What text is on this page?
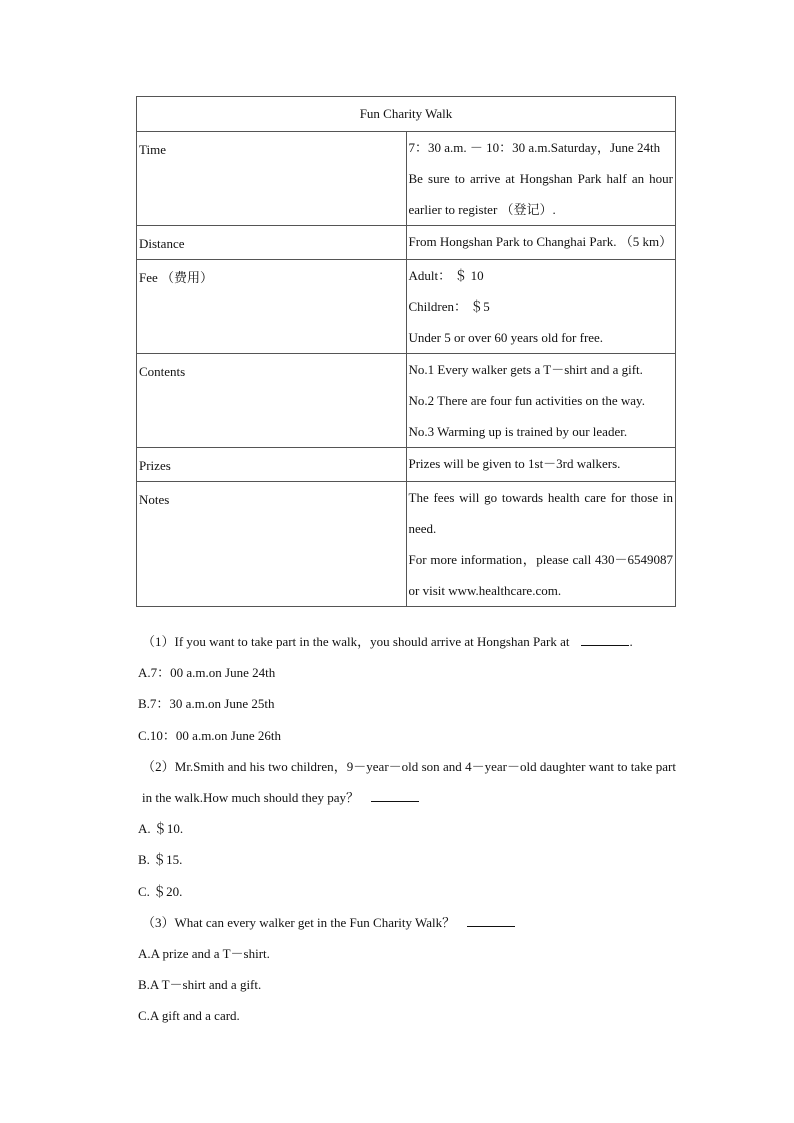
Fun Charity Walk	
Time	7：30 a.m. － 10：30 a.m.Saturday，June 24th
Be sure to arrive at Hongshan Park half an hour earlier to register （登记）.

Distance	From Hongshan Park to Changhai Park. （5 km）

Fee （费用）	Adult： ＄ 10
Children： ＄5
Under 5 or over 60 years old for free.

Contents	No.1 Every walker gets a T－shirt and a gift.
No.2 There are four fun activities on the way.
No.3 Warming up is trained by our leader.

Prizes	Prizes will be given to 1st－3rd walkers.

Notes	The fees will go towards health care for those in need.
For more information，please call 430－6549087 or visit www.healthcare.com.
（1）If you want to take part in the walk，you should arrive at Hongshan Park at	.
A.7：00 a.m.on June 24th
B.7：30 a.m.on June 25th
C.10：00 a.m.on June 26th
（2）Mr.Smith and his two children，9－year－old son and 4－year－old daughter want to take part in the walk.How much should they pay？
A. ＄10.
B. ＄15.
C. ＄20.
（3）What can every walker get in the Fun Charity Walk？
A.A prize and a T－shirt.
B.A T－shirt and a gift.
C.A gift and a card.
